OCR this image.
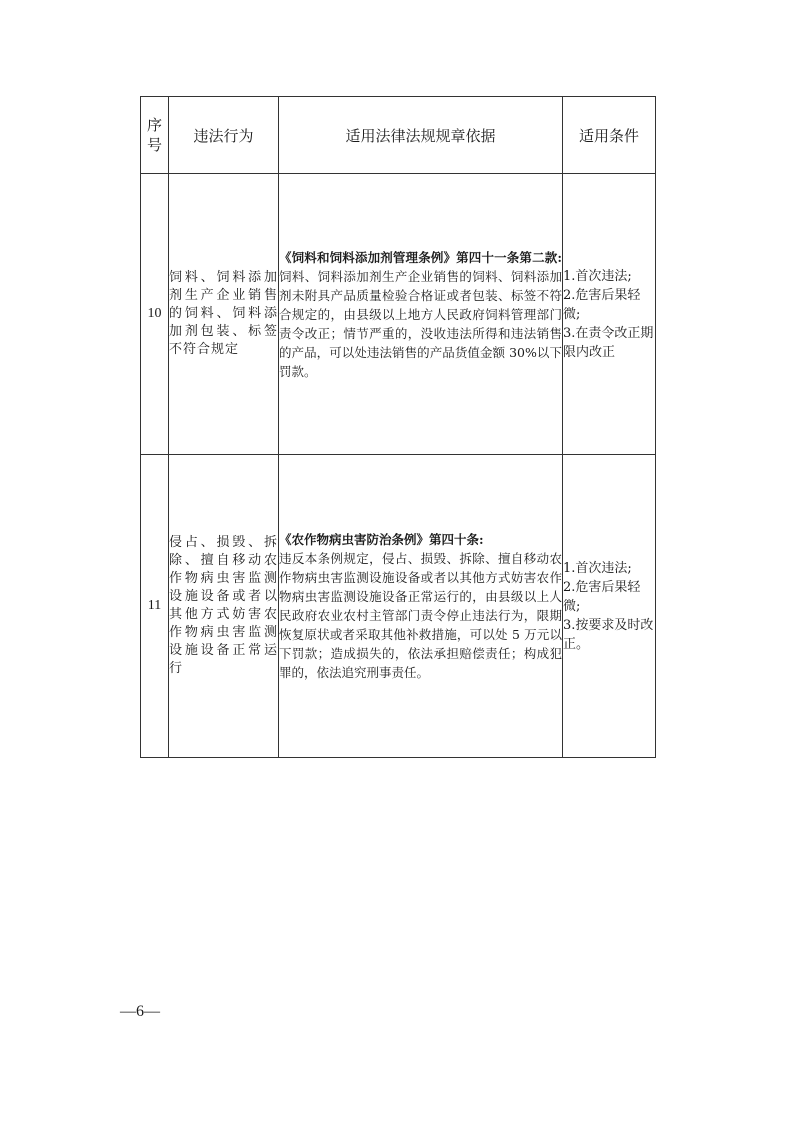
序号	违法行为	适用法律法规规章依据	适用条件
10	饲料、饲料添加剂生产企业销售的饲料、饲料添加剂包装、标签不符合规定	《饲料和饲料添加剂管理条例》第四十一条第二款:饲料、饲料添加剂生产企业销售的饲料、饲料添加剂未附具产品质量检验合格证或者包装、标签不符合规定的，由县级以上地方人民政府饲料管理部门责令改正；情节严重的，没收违法所得和违法销售的产品，可以处违法销售的产品货值金额 30%以下罚款。	1.首次违法;
2.危害后果轻微;
3.在责令改正期限内改正

11	侵占、损毁、拆除、擅自移动农作物病虫害监测设施设备或者以其他方式妨害农作物病虫害监测设施设备正常运行	《农作物病虫害防治条例》第四十条:
违反本条例规定，侵占、损毁、拆除、擅自移动农作物病虫害监测设施设备或者以其他方式妨害农作物病虫害监测设施设备正常运行的，由县级以上人民政府农业农村主管部门责令停止违法行为，限期恢复原状或者采取其他补救措施，可以处 5 万元以下罚款；造成损失的，依法承担赔偿责任；构成犯罪的，依法追究刑事责任。	1.首次违法;
2.危害后果轻微;
3.按要求及时改正。
—6—
